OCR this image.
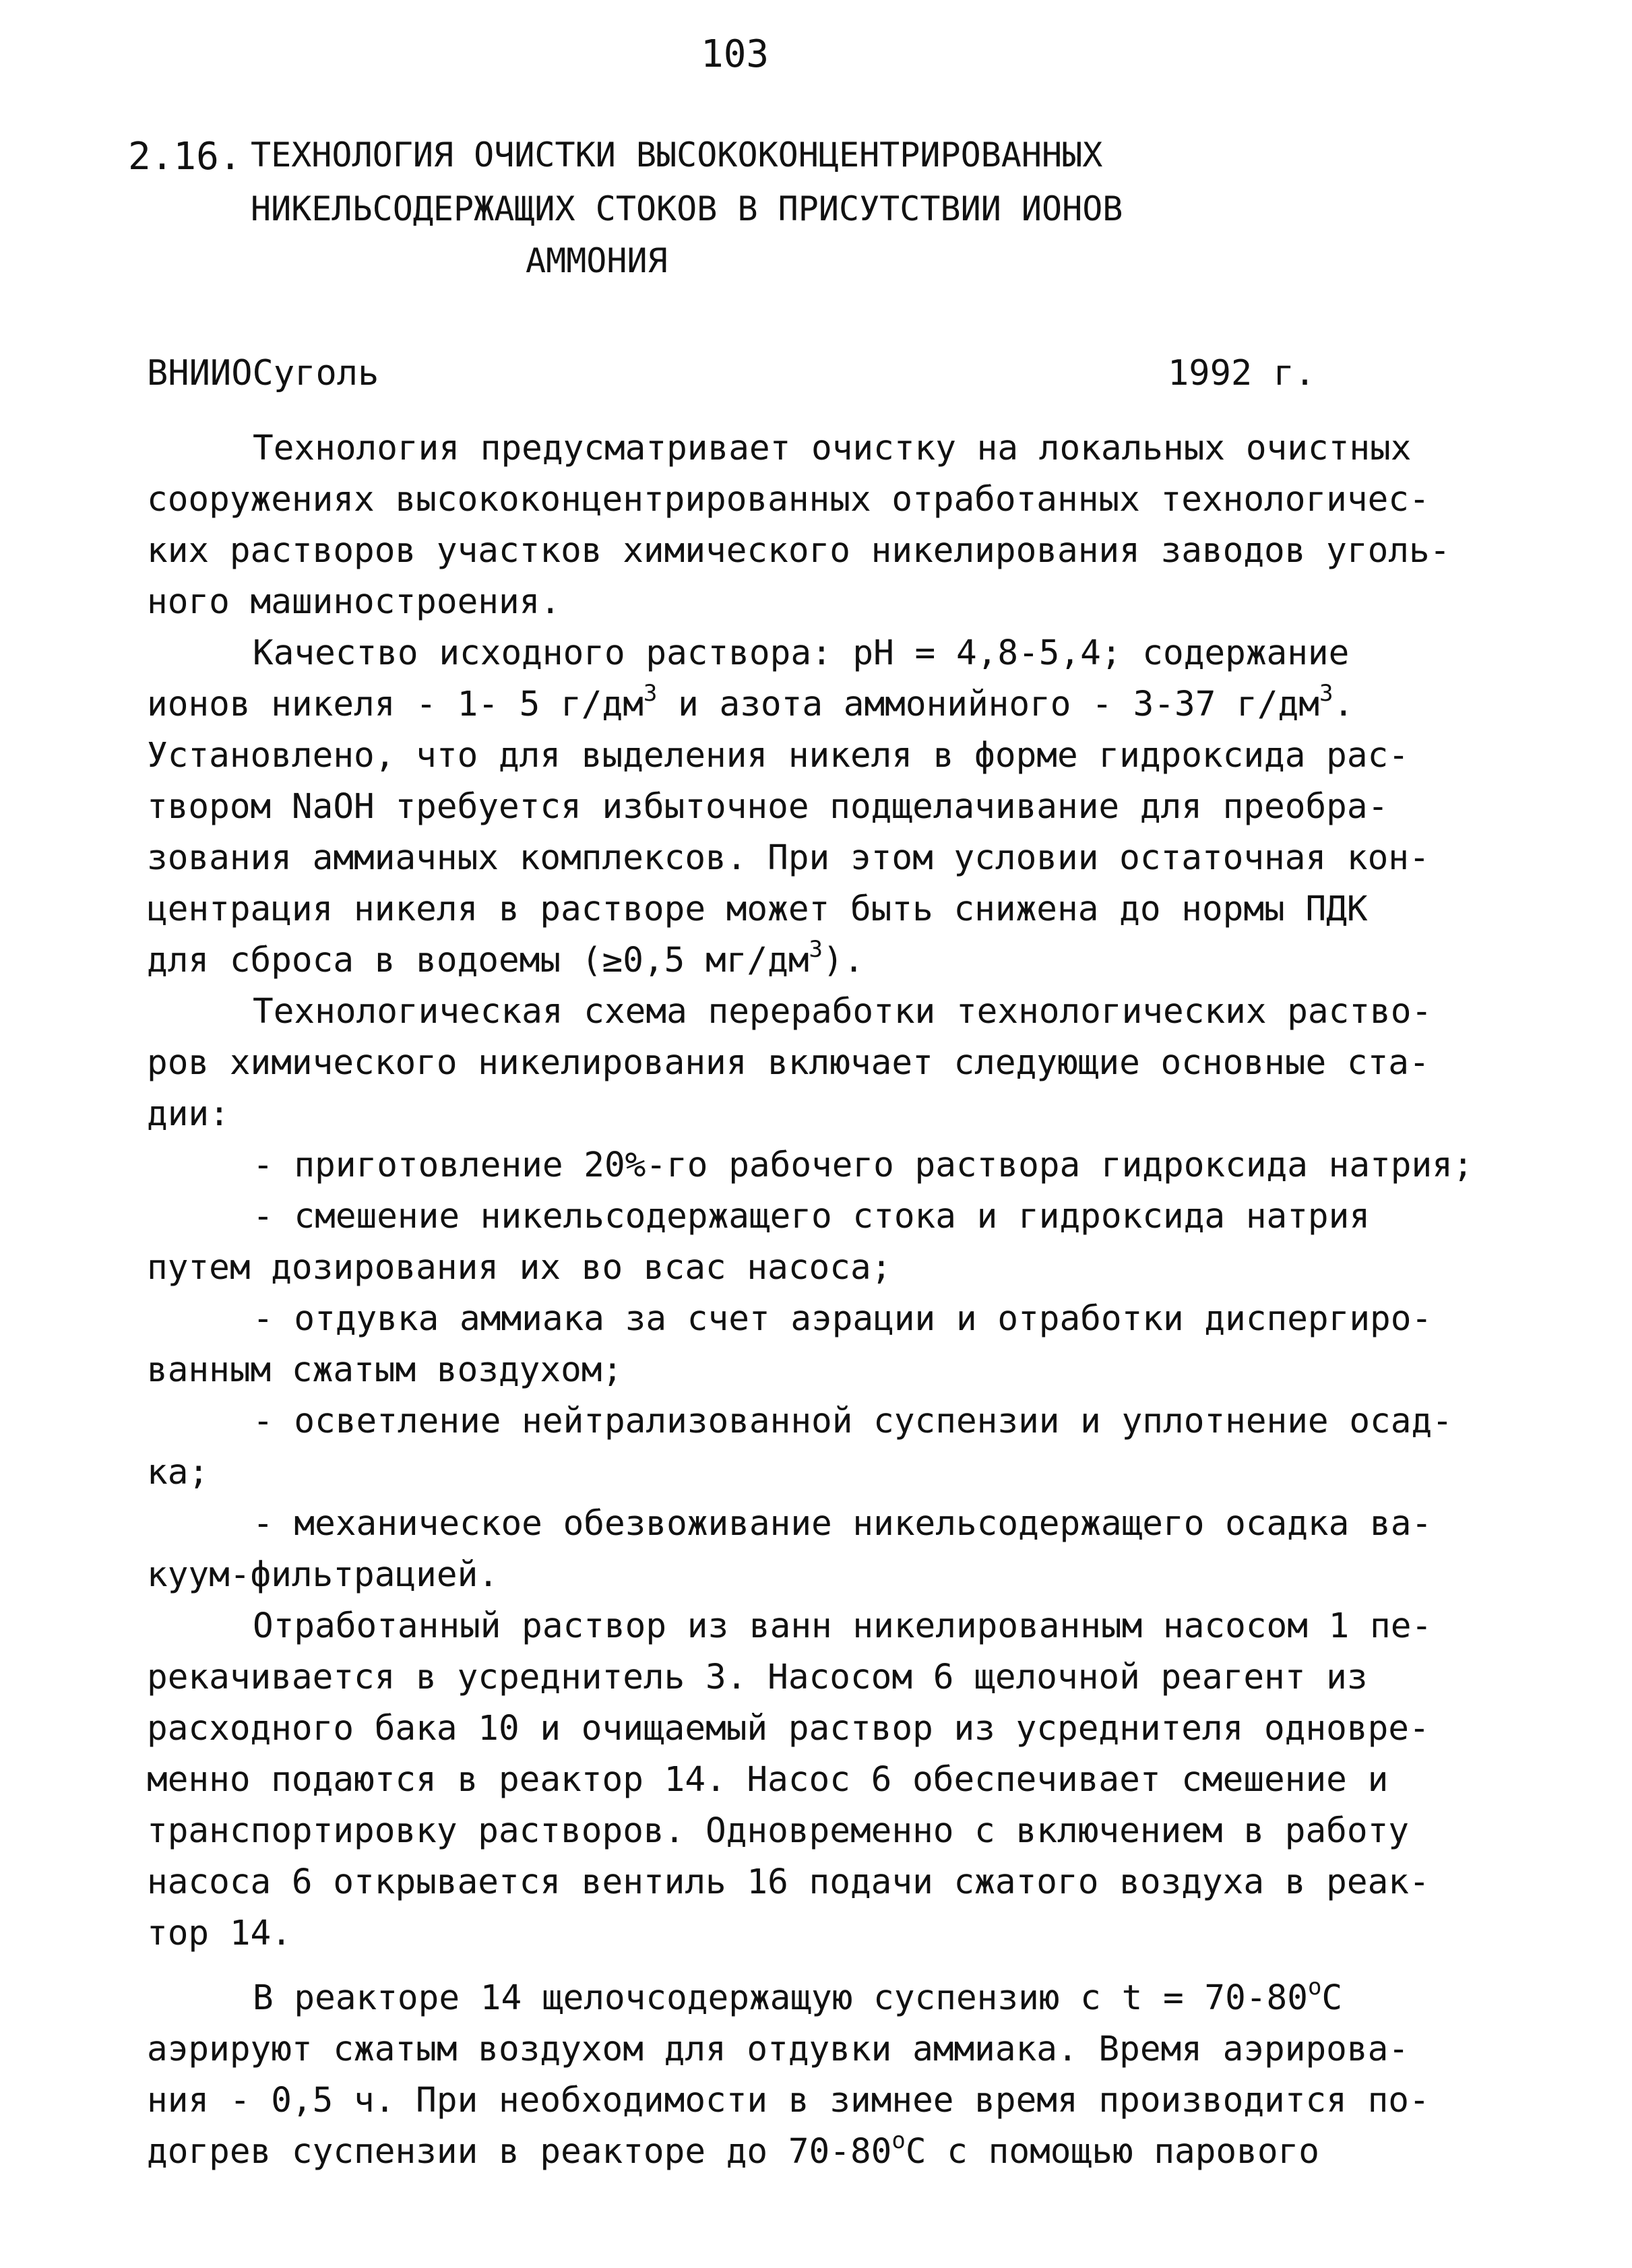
103
2.16. ТЕХНОЛОГИЯ ОЧИСТКИ ВЫСОКОКОНЦЕНТРИРОВАННЫХ
НИКЕЛЬСОДЕРЖАЩИХ СТОКОВ В ПРИСУТСТВИИ ИОНОВ
АММОНИЯ
ВНИИОСуголь	1992 г.
Технология предусматривает очистку на локальных очистных
сооружениях высококонцентрированных отработанных технологичес-
ких растворов участков химического никелирования заводов уголь-
ного машиностроения.
Качество исходного раствора: pH = 4,8-5,4; содержание
ионов никеля - 1- 5 $г/дм^3$ и азота аммонийного - 3-37 $г/дм^3$.
Установлено, что для выделения никеля в форме гидроксида рас-
твором NaOH требуется избыточное подщелачивание для преобра-
зования аммиачных комплексов. При этом условии остаточная кон-
центрация никеля в растворе может быть снижена до нормы ПДК
для сброса в водоемы (≥0,5 $мг/дм^3$).
Технологическая схема переработки технологических раство-
ров химического никелирования включает следующие основные ста-
дии:
- приготовление 20%-го рабочего раствора гидроксида натрия;
- смешение никельсодержащего стока и гидроксида натрия
путем дозирования их во всас насоса;
- отдувка аммиака за счет аэрации и отработки диспергиро-
ванным сжатым воздухом;
- осветление нейтрализованной суспензии и уплотнение осад-
ка;
- механическое обезвоживание никельсодержащего осадка ва-
куум-фильтрацией.
Отработанный раствор из ванн никелированным насосом 1 пе-
рекачивается в усреднитель 3. Насосом 6 щелочной реагент из
расходного бака 10 и очищаемый раствор из усреднителя одновре-
менно подаются в реактор 14. Насос 6 обеспечивает смешение и
транспортировку растворов. Одновременно с включением в работу
насоса 6 открывается вентиль 16 подачи сжатого воздуха в реак-
тор 14.
В реакторе 14 щелочсодержащую суспензию с $t = 70-80^оС$
аэрируют сжатым воздухом для отдувки аммиака. Время аэрирова-
ния - 0,5 ч. При необходимости в зимнее время производится по-
догрев суспензии в реакторе до $70-80^оС$ с помощью парового
